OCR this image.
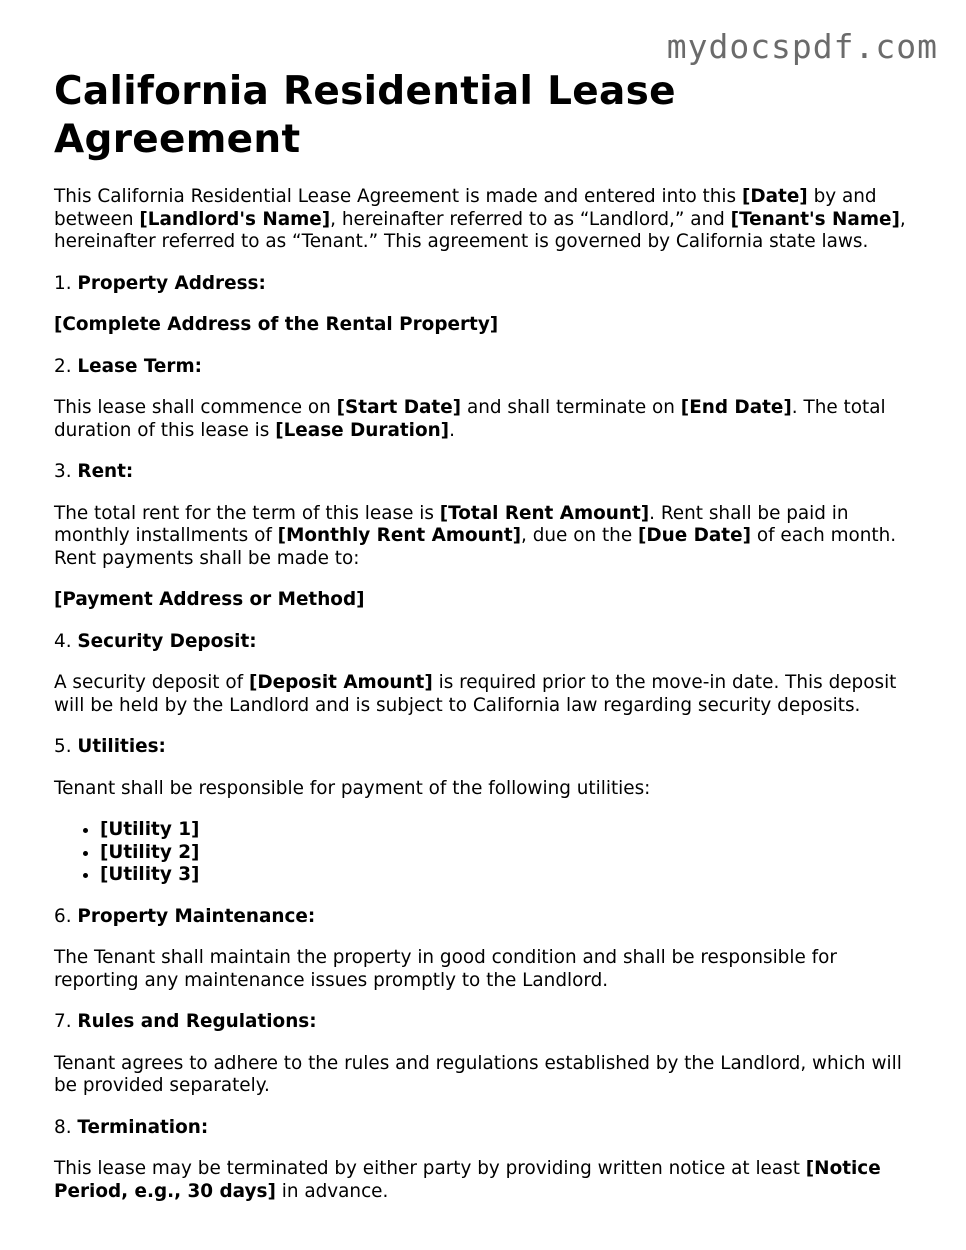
mydocspdf.com
California Residential Lease Agreement

This California Residential Lease Agreement is made and entered into this [Date] by and between [Landlord's Name], hereinafter referred to as “Landlord,” and [Tenant's Name], hereinafter referred to as “Tenant.” This agreement is governed by California state laws.

1. Property Address:

[Complete Address of the Rental Property]

2. Lease Term:

This lease shall commence on [Start Date] and shall terminate on [End Date]. The total duration of this lease is [Lease Duration].

3. Rent:

The total rent for the term of this lease is [Total Rent Amount]. Rent shall be paid in monthly installments of [Monthly Rent Amount], due on the [Due Date] of each month. Rent payments shall be made to:

[Payment Address or Method]

4. Security Deposit:

A security deposit of [Deposit Amount] is required prior to the move-in date. This deposit will be held by the Landlord and is subject to California law regarding security deposits.

5. Utilities:

Tenant shall be responsible for payment of the following utilities:

• [Utility 1]
• [Utility 2]
• [Utility 3]

6. Property Maintenance:

The Tenant shall maintain the property in good condition and shall be responsible for reporting any maintenance issues promptly to the Landlord.

7. Rules and Regulations:

Tenant agrees to adhere to the rules and regulations established by the Landlord, which will be provided separately.

8. Termination:

This lease may be terminated by either party by providing written notice at least [Notice Period, e.g., 30 days] in advance.
